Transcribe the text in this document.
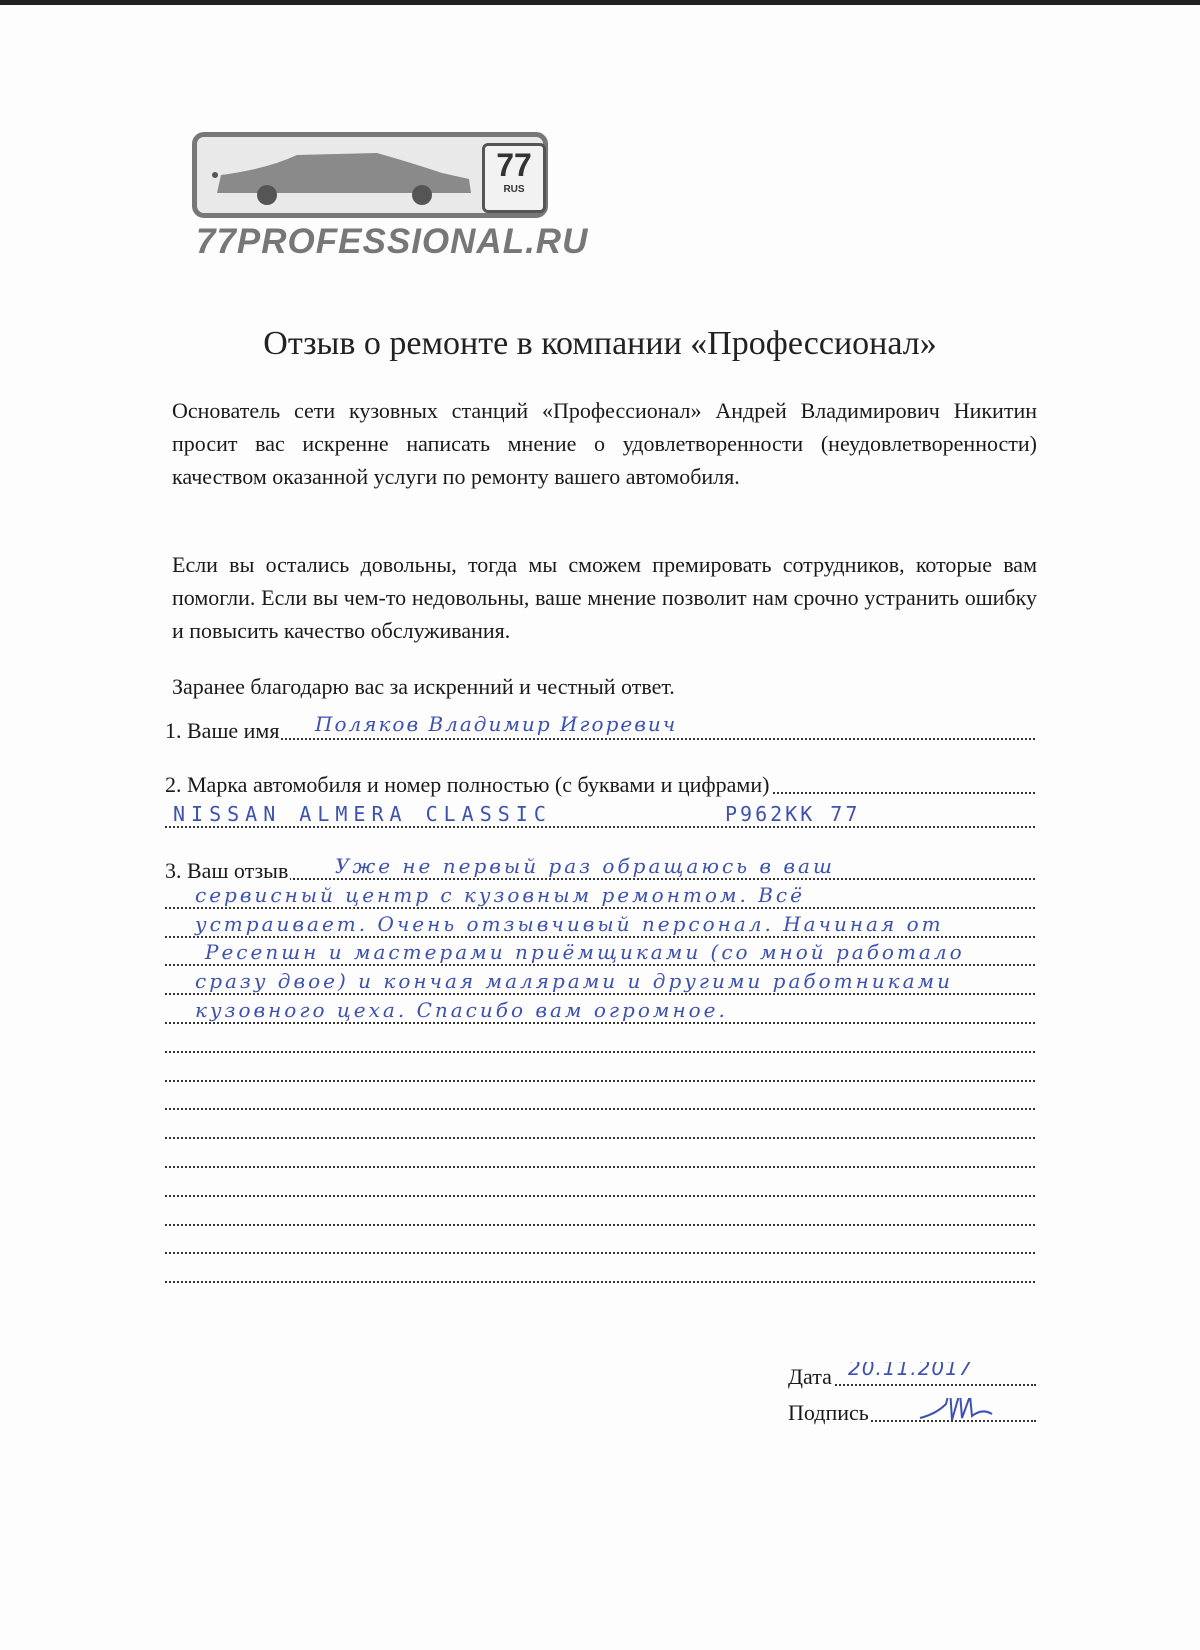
77
RUS
77PROFESSIONAL.RU
Отзыв о ремонте в компании «Профессионал»
Основатель сети кузовных станций «Профессионал» Андрей Владимирович Никитин просит вас искренне написать мнение о удовлетворенности (неудовлетворенности) качеством оказанной услуги по ремонту вашего автомобиля.
Если вы остались довольны, тогда мы сможем премировать сотрудников, которые вам помогли. Если вы чем-то недовольны, ваше мнение позволит нам срочно устранить ошибку и повысить качество обслуживания.
Заранее благодарю вас за искренний и честный ответ.
1. Ваше имя Поляков Владимир Игоревич
2. Марка автомобиля и номер полностью (с буквами и цифрами)
NISSAN ALMERA CLASSIC	Р962КК 77
3. Ваш отзыв Уже не первый раз обращаюсь в ваш
сервисный центр с кузовным ремонтом. Всё
устраивает. Очень отзывчивый персонал. Начиная от
Ресепшн и мастерами приёмщиками (со мной работало
сразу двое) и кончая малярами и другими работниками
кузовного цеха. Спасибо вам огромное.
Дата 20.11.2017
Подпись
